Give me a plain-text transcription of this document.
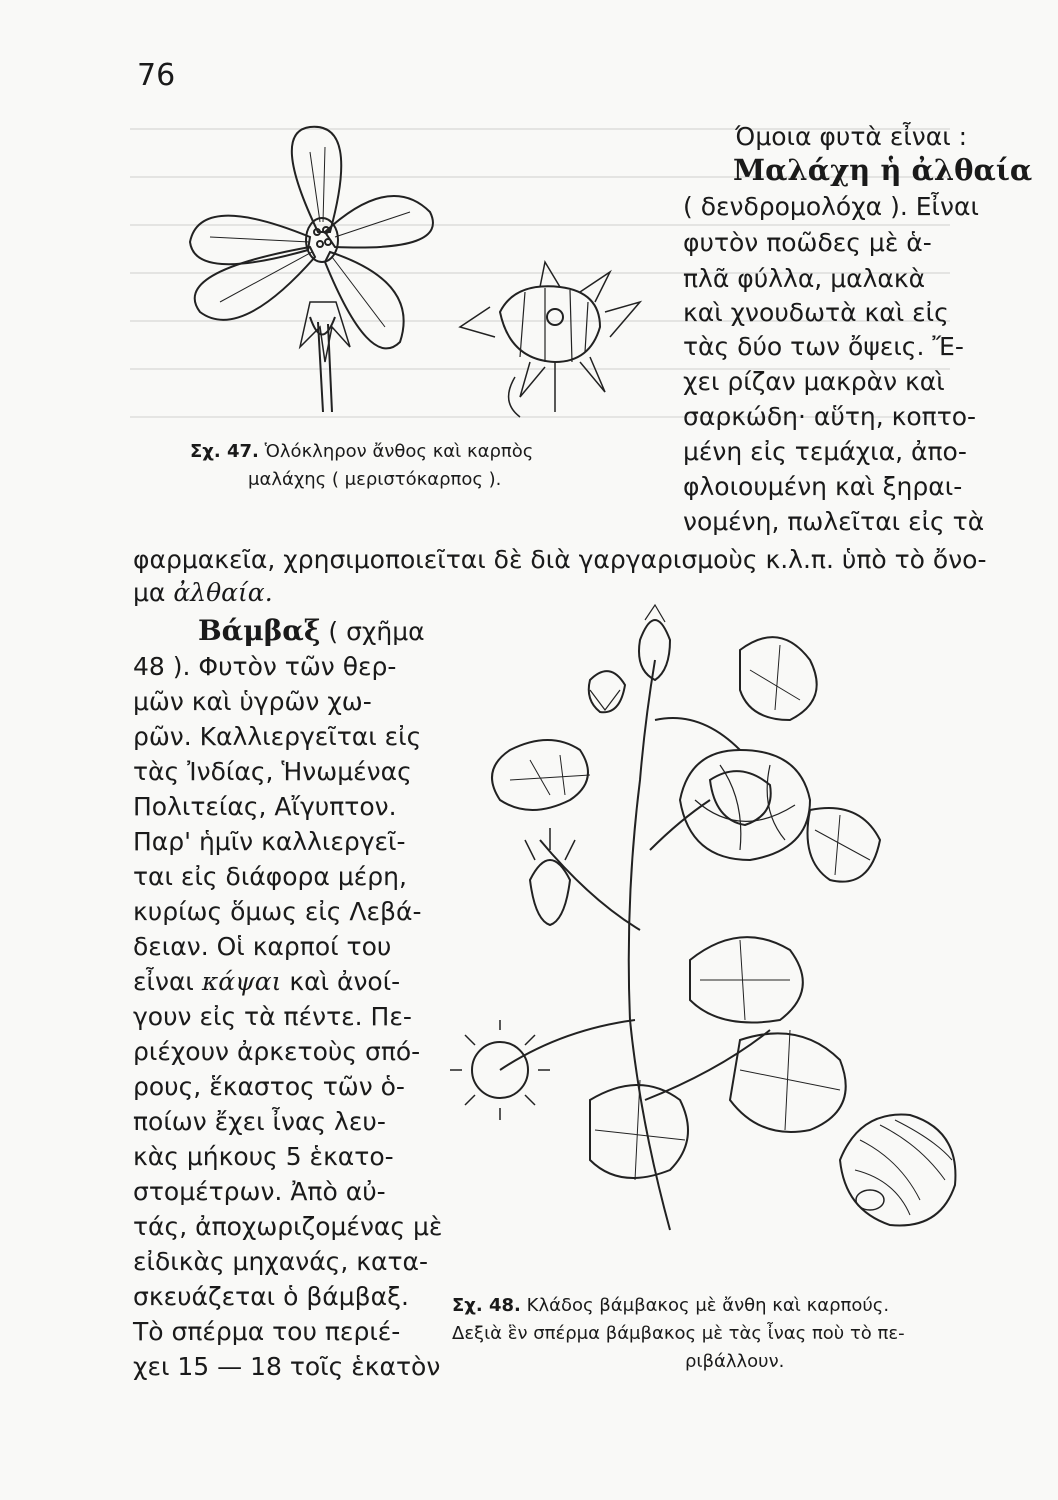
76
Σχ. 47. Ὁλόκληρον ἄνθος καὶ καρπὸς
μαλάχης ( μεριστόκαρπος ).
Όμοια φυτὰ εἶναι :
Μαλάχη ἡ ἀλθαία
( δενδρομολόχα ). Εἶναι
φυτὸν ποῶδες μὲ ἁ-
πλᾶ φύλλα, μαλακὰ
καὶ χνουδωτὰ καὶ εἰς
τὰς δύο των ὄψεις. Ἔ-
χει ρίζαν μακρὰν καὶ
σαρκώδη· αὕτη, κοπτο-
μένη εἰς τεμάχια, ἀπο-
φλοιουμένη καὶ ξηραι-
νομένη, πωλεῖται εἰς τὰ
φαρμακεῖα, χρησιμοποιεῖται δὲ διὰ γαργαρισμοὺς κ.λ.π. ὑπὸ τὸ ὄνο-
μα ἀλθαία.
Βάμβαξ ( σχῆμα
48 ). Φυτὸν τῶν θερ-
μῶν καὶ ὑγρῶν χω-
ρῶν. Καλλιεργεῖται εἰς
τὰς Ἰνδίας, Ἡνωμένας
Πολιτείας, Αἴγυπτον.
Παρ' ἡμῖν καλλιεργεῖ-
ται εἰς διάφορα μέρη,
κυρίως ὅμως εἰς Λεβά-
δειαν. Οἱ καρποί του
εἶναι κάψαι καὶ ἀνοί-
γουν εἰς τὰ πέντε. Πε-
ριέχουν ἀρκετοὺς σπό-
ρους, ἕκαστος τῶν ὁ-
ποίων ἔχει ἶνας λευ-
κὰς μήκους 5 ἑκατο-
στομέτρων. Ἀπὸ αὐ-
τάς, ἀποχωριζομένας μὲ
εἰδικὰς μηχανάς, κατα-
σκευάζεται ὁ βάμβαξ.
Τὸ σπέρμα του περιέ-
χει 15 — 18 τοῖς ἑκατὸν
Σχ. 48. Κλάδος βάμβακος μὲ ἄνθη καὶ καρπούς.
Δεξιὰ ἓν σπέρμα βάμβακος μὲ τὰς ἶνας ποὺ τὸ πε-
ριβάλλουν.
